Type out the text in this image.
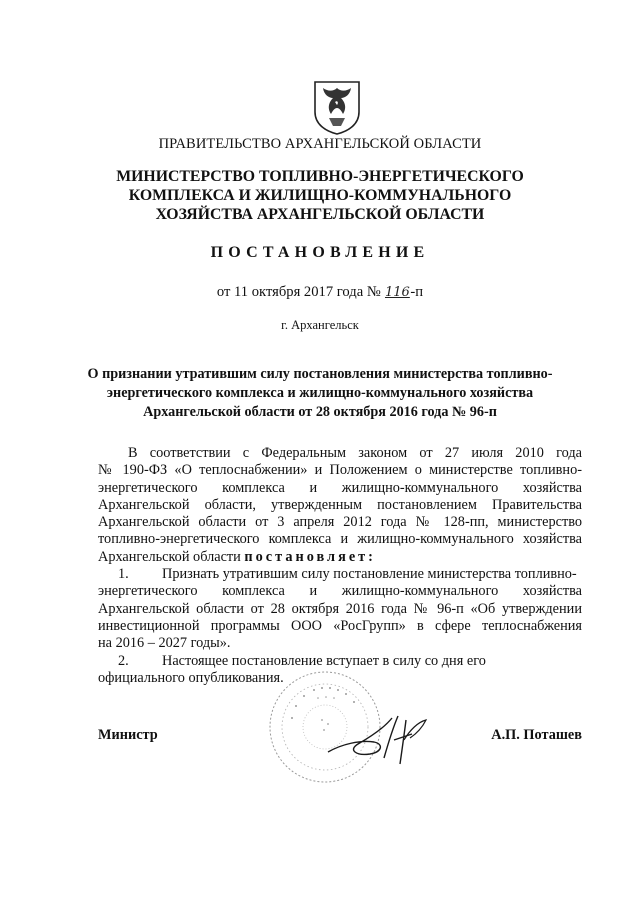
ПРАВИТЕЛЬСТВО АРХАНГЕЛЬСКОЙ ОБЛАСТИ
МИНИСТЕРСТВО ТОПЛИВНО-ЭНЕРГЕТИЧЕСКОГО
КОМПЛЕКСА И ЖИЛИЩНО-КОММУНАЛЬНОГО
ХОЗЯЙСТВА АРХАНГЕЛЬСКОЙ ОБЛАСТИ
ПОСТАНОВЛЕНИЕ
от 11 октября 2017 года № 116-п
г. Архангельск
О признании утратившим силу постановления министерства топливно-
энергетического комплекса и жилищно-коммунального хозяйства
Архангельской области от 28 октября 2016 года № 96-п
В соответствии с Федеральным законом от 27 июля 2010 года
№ 190-ФЗ «О теплоснабжении» и Положением о министерстве топливно-
энергетического комплекса и жилищно-коммунального хозяйства
Архангельской области, утвержденным постановлением Правительства
Архангельской области от 3 апреля 2012 года № 128-пп, министерство
топливно-энергетического комплекса и жилищно-коммунального хозяйства
Архангельской области постановляет:
1. Признать утратившим силу постановление министерства топливно-
энергетического комплекса и жилищно-коммунального хозяйства
Архангельской области от 28 октября 2016 года № 96-п «Об утверждении
инвестиционной программы ООО «РосГрупп» в сфере теплоснабжения
на 2016 – 2027 годы».
2. Настоящее постановление вступает в силу со дня его
официального опубликования.
Министр	А.П. Поташев
